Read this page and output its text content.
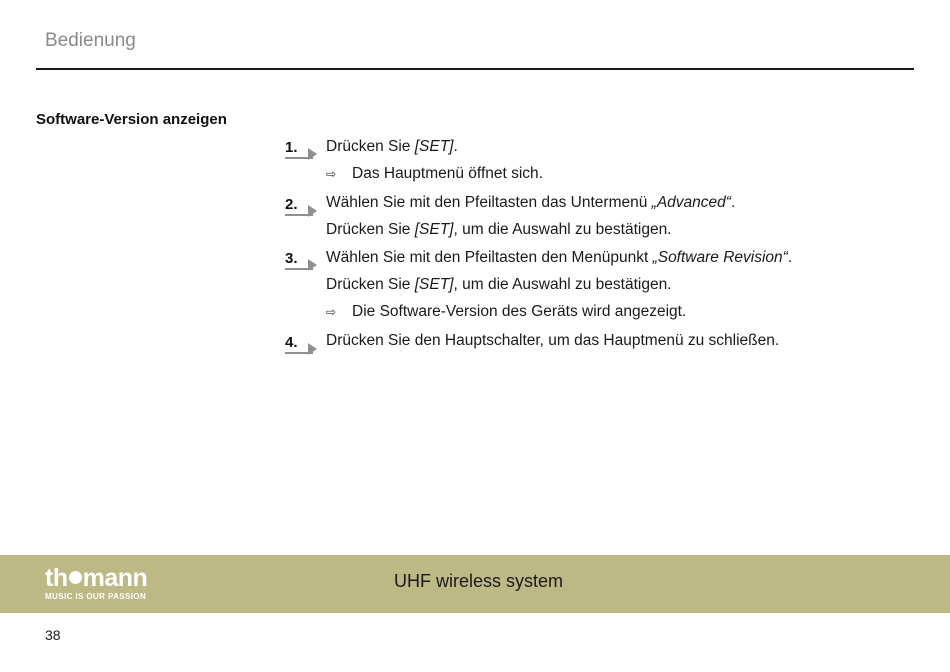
Bedienung
Software-Version anzeigen
1. Drücken Sie [SET].
⇨ Das Hauptmenü öffnet sich.
2. Wählen Sie mit den Pfeiltasten das Untermenü „Advanced“.
Drücken Sie [SET], um die Auswahl zu bestätigen.
3. Wählen Sie mit den Pfeiltasten den Menüpunkt „Software Revision“.
Drücken Sie [SET], um die Auswahl zu bestätigen.
⇨ Die Software-Version des Geräts wird angezeigt.
4. Drücken Sie den Hauptschalter, um das Hauptmenü zu schließen.
th mann
MUSIC IS OUR PASSION
UHF wireless system
38
